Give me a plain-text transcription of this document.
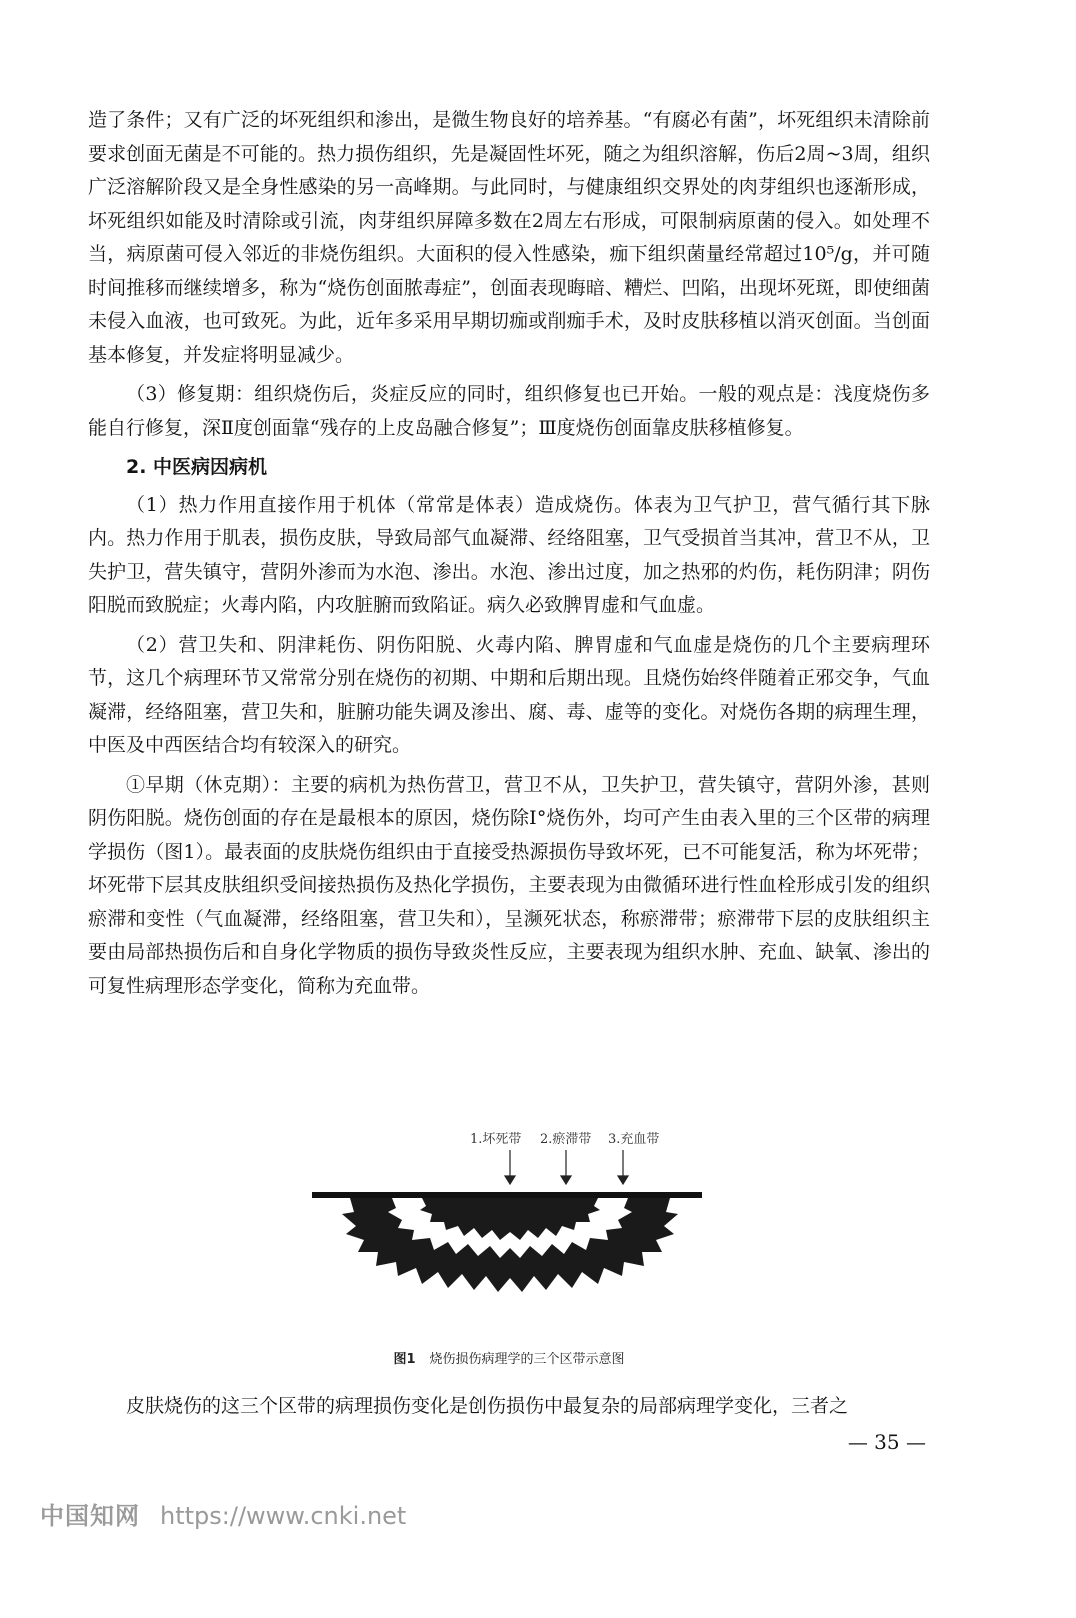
造了条件；又有广泛的坏死组织和渗出，是微生物良好的培养基。“有腐必有菌”，坏死组织未清除前要求创面无菌是不可能的。热力损伤组织，先是凝固性坏死，随之为组织溶解，伤后2周~3周，组织广泛溶解阶段又是全身性感染的另一高峰期。与此同时，与健康组织交界处的肉芽组织也逐渐形成，坏死组织如能及时清除或引流，肉芽组织屏障多数在2周左右形成，可限制病原菌的侵入。如处理不当，病原菌可侵入邻近的非烧伤组织。大面积的侵入性感染，痂下组织菌量经常超过10⁵/g，并可随时间推移而继续增多，称为“烧伤创面脓毒症”，创面表现晦暗、糟烂、凹陷，出现坏死斑，即使细菌未侵入血液，也可致死。为此，近年多采用早期切痂或削痂手术，及时皮肤移植以消灭创面。当创面基本修复，并发症将明显减少。

（3）修复期：组织烧伤后，炎症反应的同时，组织修复也已开始。一般的观点是：浅度烧伤多能自行修复，深Ⅱ度创面靠“残存的上皮岛融合修复”；Ⅲ度烧伤创面靠皮肤移植修复。

2. 中医病因病机

（1）热力作用直接作用于机体（常常是体表）造成烧伤。体表为卫气护卫，营气循行其下脉内。热力作用于肌表，损伤皮肤，导致局部气血凝滞、经络阻塞，卫气受损首当其冲，营卫不从，卫失护卫，营失镇守，营阴外渗而为水泡、渗出。水泡、渗出过度，加之热邪的灼伤，耗伤阴津；阴伤阳脱而致脱症；火毒内陷，内攻脏腑而致陷证。病久必致脾胃虚和气血虚。

（2）营卫失和、阴津耗伤、阴伤阳脱、火毒内陷、脾胃虚和气血虚是烧伤的几个主要病理环节，这几个病理环节又常常分别在烧伤的初期、中期和后期出现。且烧伤始终伴随着正邪交争，气血凝滞，经络阻塞，营卫失和，脏腑功能失调及渗出、腐、毒、虚等的变化。对烧伤各期的病理生理，中医及中西医结合均有较深入的研究。

①早期（休克期）：主要的病机为热伤营卫，营卫不从，卫失护卫，营失镇守，营阴外渗，甚则阴伤阳脱。烧伤创面的存在是最根本的原因，烧伤除Ⅰ°烧伤外，均可产生由表入里的三个区带的病理学损伤（图1）。最表面的皮肤烧伤组织由于直接受热源损伤导致坏死，已不可能复活，称为坏死带；坏死带下层其皮肤组织受间接热损伤及热化学损伤，主要表现为由微循环进行性血栓形成引发的组织瘀滞和变性（气血凝滞，经络阻塞，营卫失和），呈濒死状态，称瘀滞带；瘀滞带下层的皮肤组织主要由局部热损伤后和自身化学物质的损伤导致炎性反应，主要表现为组织水肿、充血、缺氧、渗出的可复性病理形态学变化，简称为充血带。

1.坏死带 2.瘀滞带 3.充血带
图1 烧伤损伤病理学的三个区带示意图

皮肤烧伤的这三个区带的病理损伤变化是创伤损伤中最复杂的局部病理学变化，三者之

— 35 —
中国知网 https://www.cnki.net
